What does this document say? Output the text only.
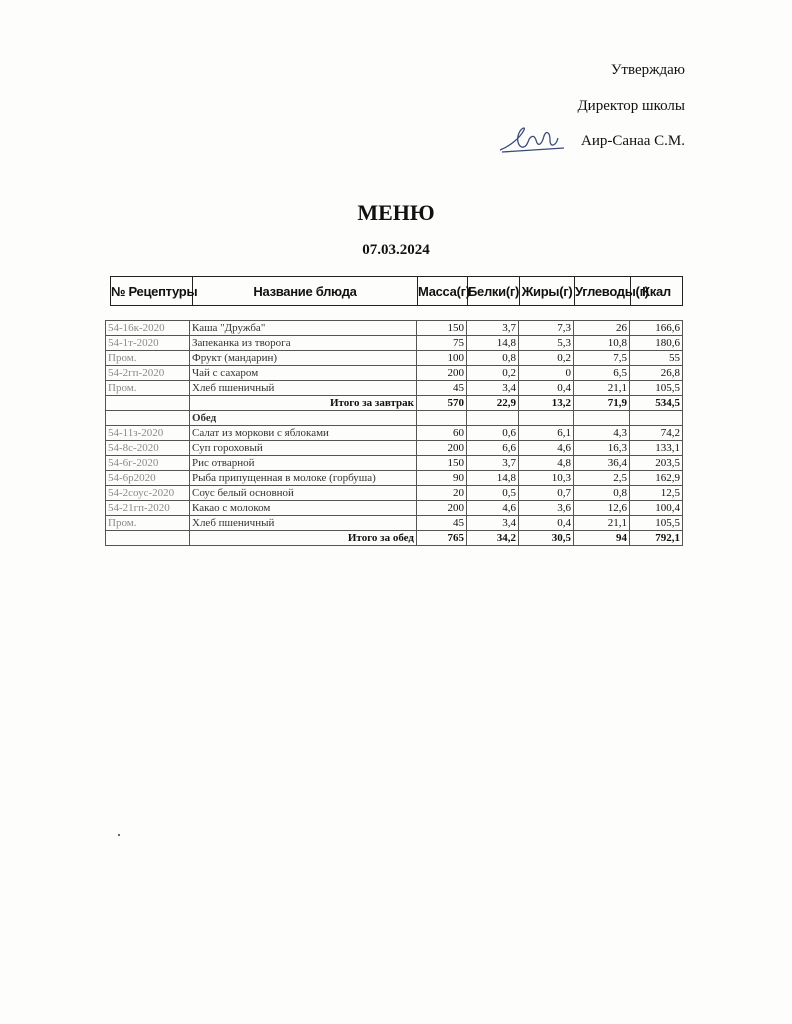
Утверждаю
Директор школы
Аир-Санаа С.М.
МЕНЮ
07.03.2024
№ Рецептуры	Название блюда	Масса(г)	Белки(г)	Жиры(г)	Углеводы(г)	Ккал
54-16к-2020	Каша "Дружба"	150	3,7	7,3	26	166,6
54-1т-2020	Запеканка из творога	75	14,8	5,3	10,8	180,6
Пром.	Фрукт (мандарин)	100	0,8	0,2	7,5	55
54-2гп-2020	Чай с сахаром	200	0,2	0	6,5	26,8
Пром.	Хлеб пшеничный	45	3,4	0,4	21,1	105,5
	Итого за завтрак	570	22,9	13,2	71,9	534,5
	Обед					
54-11з-2020	Салат из моркови с яблоками	60	0,6	6,1	4,3	74,2
54-8с-2020	Суп гороховый	200	6,6	4,6	16,3	133,1
54-6г-2020	Рис отварной	150	3,7	4,8	36,4	203,5
54-6р2020	Рыба припущенная в молоке (горбуша)	90	14,8	10,3	2,5	162,9
54-2соус-2020	Соус белый основной	20	0,5	0,7	0,8	12,5
54-21гп-2020	Какао с молоком	200	4,6	3,6	12,6	100,4
Пром.	Хлеб пшеничный	45	3,4	0,4	21,1	105,5
	Итого за обед	765	34,2	30,5	94	792,1
